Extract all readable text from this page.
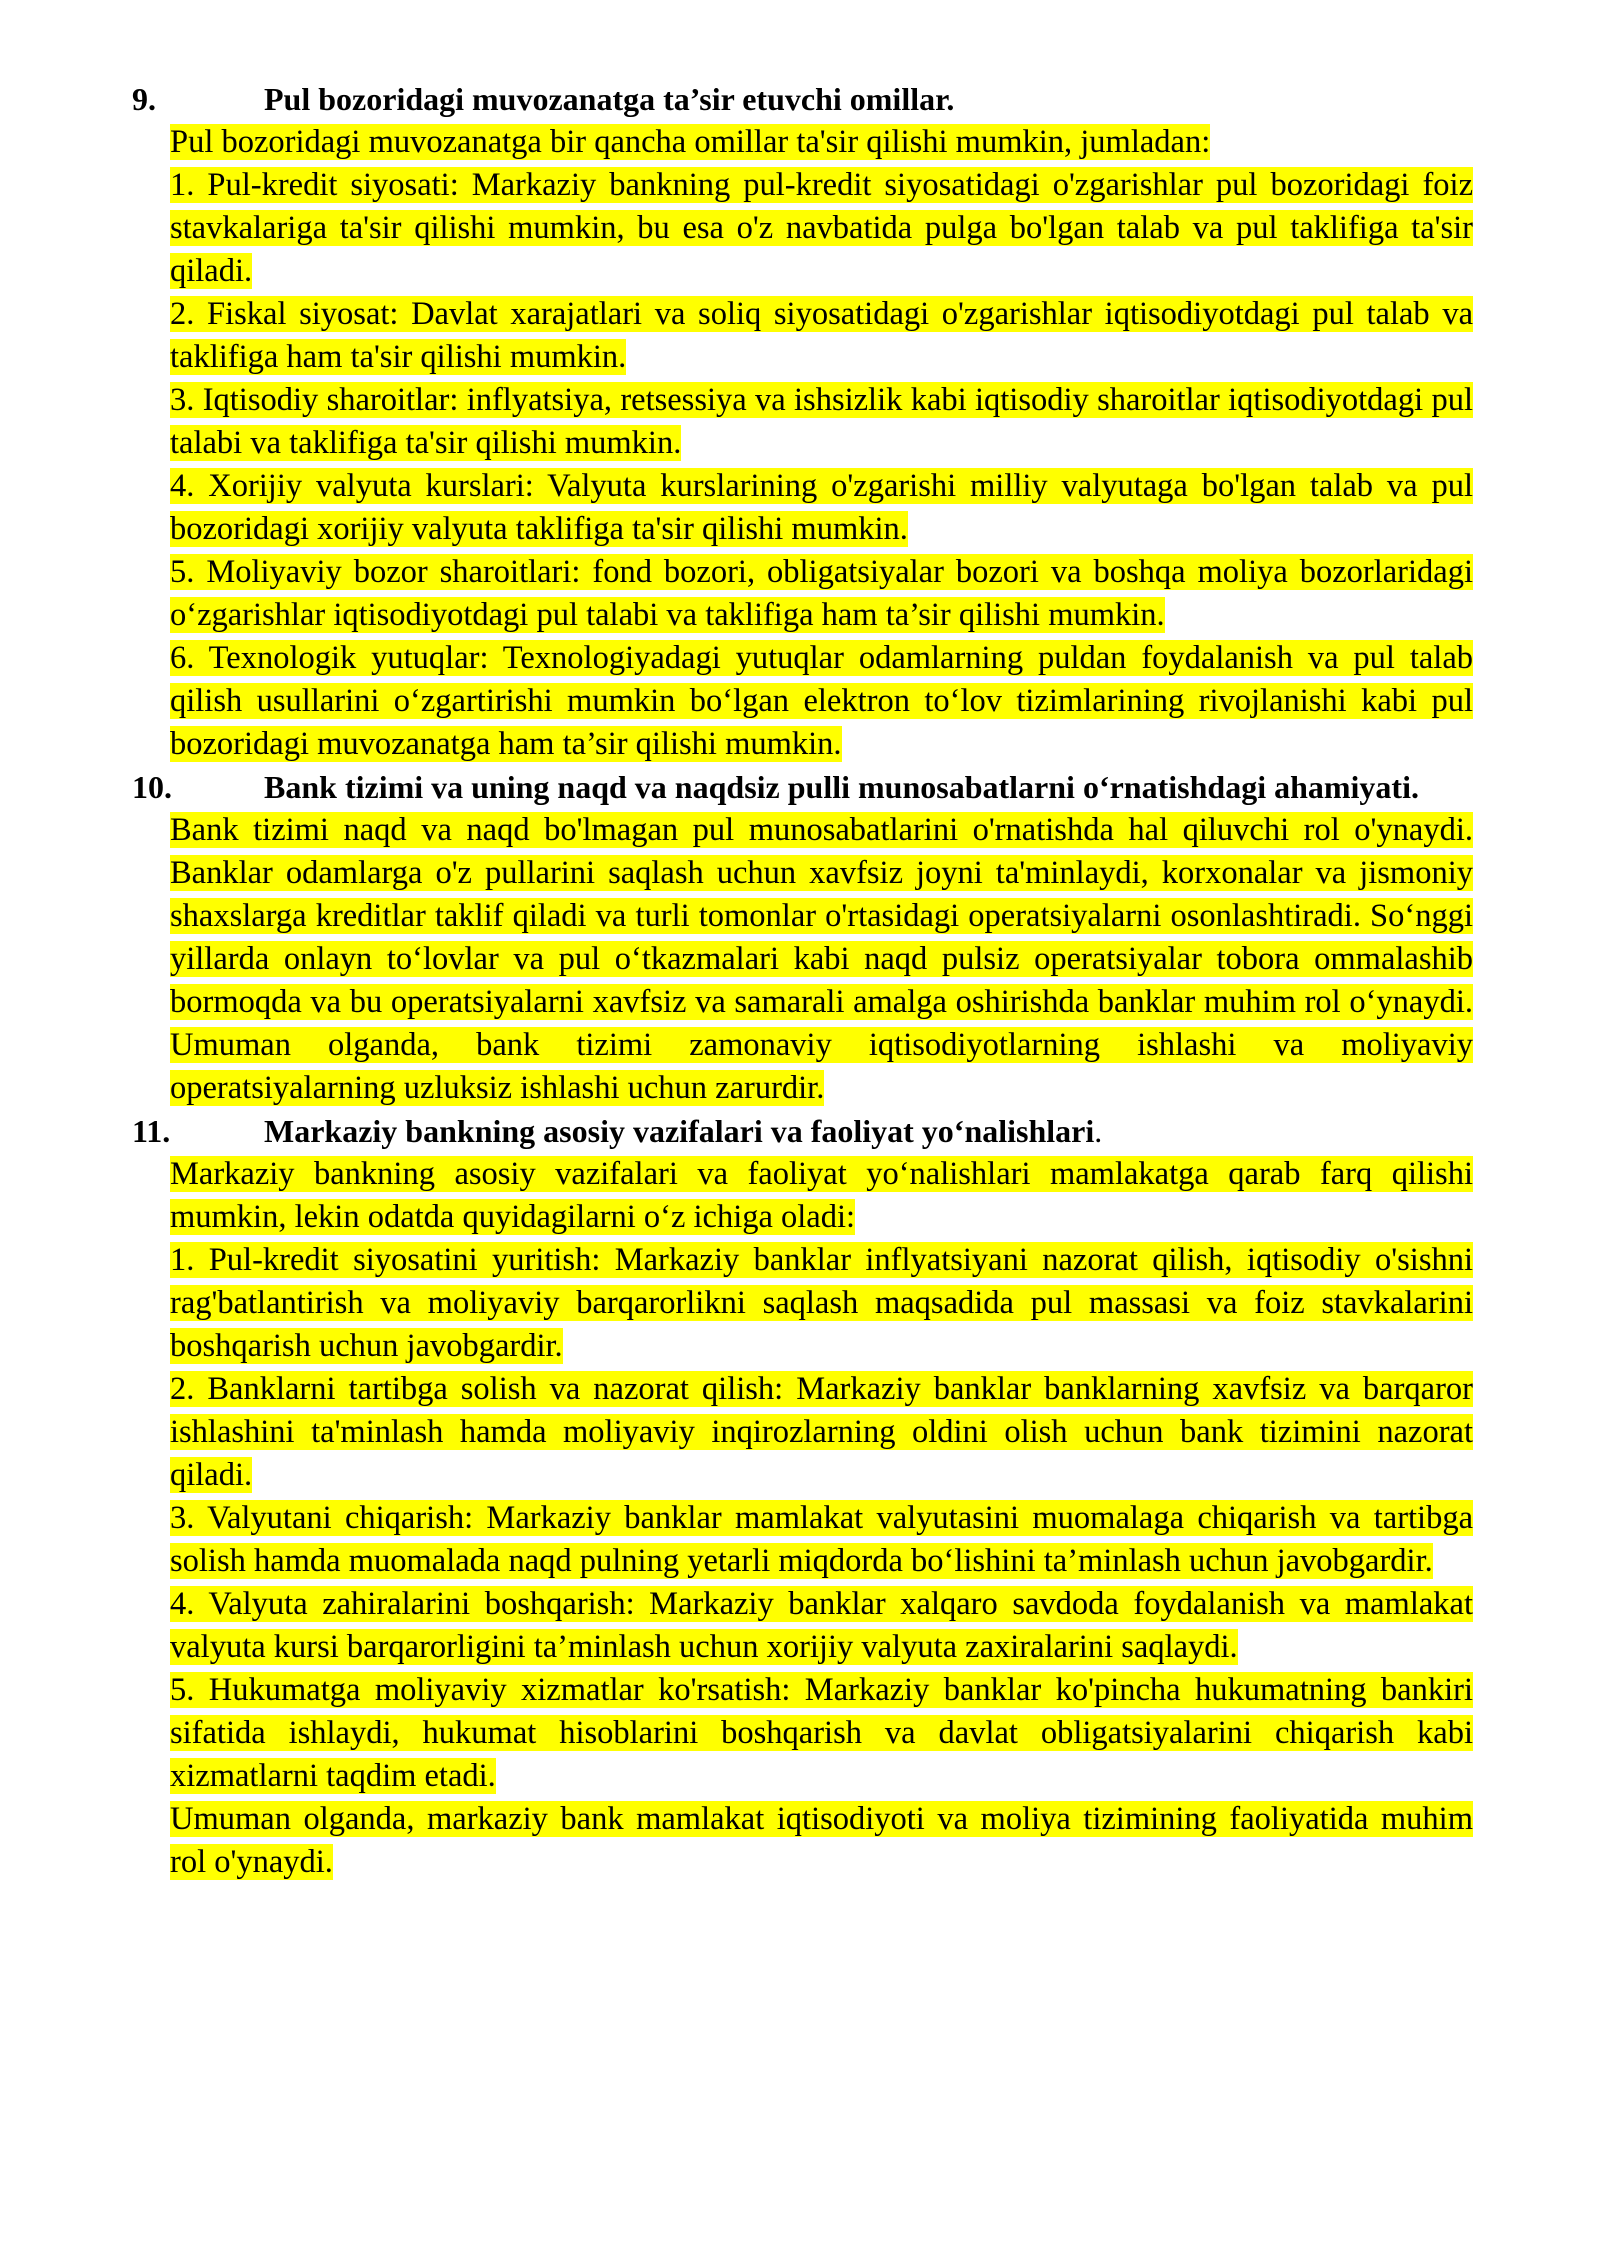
9.	Pul bozoridagi muvozanatga ta’sir etuvchi omillar.

Pul bozoridagi muvozanatga bir qancha omillar ta'sir qilishi mumkin, jumladan:

1. Pul-kredit siyosati: Markaziy bankning pul-kredit siyosatidagi o'zgarishlar pul bozoridagi foiz stavkalariga ta'sir qilishi mumkin, bu esa o'z navbatida pulga bo'lgan talab va pul taklifiga ta'sir qiladi.

2. Fiskal siyosat: Davlat xarajatlari va soliq siyosatidagi o'zgarishlar iqtisodiyotdagi pul talab va taklifiga ham ta'sir qilishi mumkin.

3. Iqtisodiy sharoitlar: inflyatsiya, retsessiya va ishsizlik kabi iqtisodiy sharoitlar iqtisodiyotdagi pul talabi va taklifiga ta'sir qilishi mumkin.

4. Xorijiy valyuta kurslari: Valyuta kurslarining o'zgarishi milliy valyutaga bo'lgan talab va pul bozoridagi xorijiy valyuta taklifiga ta'sir qilishi mumkin.

5. Moliyaviy bozor sharoitlari: fond bozori, obligatsiyalar bozori va boshqa moliya bozorlaridagi o‘zgarishlar iqtisodiyotdagi pul talabi va taklifiga ham ta’sir qilishi mumkin.

6. Texnologik yutuqlar: Texnologiyadagi yutuqlar odamlarning puldan foydalanish va pul talab qilish usullarini o‘zgartirishi mumkin bo‘lgan elektron to‘lov tizimlarining rivojlanishi kabi pul bozoridagi muvozanatga ham ta’sir qilishi mumkin.

10.	Bank tizimi va uning naqd va naqdsiz pulli munosabatlarni o‘rnatishdagi ahamiyati.

Bank tizimi naqd va naqd bo'lmagan pul munosabatlarini o'rnatishda hal qiluvchi rol o'ynaydi. Banklar odamlarga o'z pullarini saqlash uchun xavfsiz joyni ta'minlaydi, korxonalar va jismoniy shaxslarga kreditlar taklif qiladi va turli tomonlar o'rtasidagi operatsiyalarni osonlashtiradi. So‘nggi yillarda onlayn to‘lovlar va pul o‘tkazmalari kabi naqd pulsiz operatsiyalar tobora ommalashib bormoqda va bu operatsiyalarni xavfsiz va samarali amalga oshirishda banklar muhim rol o‘ynaydi. Umuman olganda, bank tizimi zamonaviy iqtisodiyotlarning ishlashi va moliyaviy operatsiyalarning uzluksiz ishlashi uchun zarurdir.

11.	Markaziy bankning asosiy vazifalari va faoliyat yo‘nalishlari.

Markaziy bankning asosiy vazifalari va faoliyat yo‘nalishlari mamlakatga qarab farq qilishi mumkin, lekin odatda quyidagilarni o‘z ichiga oladi:

1. Pul-kredit siyosatini yuritish: Markaziy banklar inflyatsiyani nazorat qilish, iqtisodiy o'sishni rag'batlantirish va moliyaviy barqarorlikni saqlash maqsadida pul massasi va foiz stavkalarini boshqarish uchun javobgardir.

2. Banklarni tartibga solish va nazorat qilish: Markaziy banklar banklarning xavfsiz va barqaror ishlashini ta'minlash hamda moliyaviy inqirozlarning oldini olish uchun bank tizimini nazorat qiladi.

3. Valyutani chiqarish: Markaziy banklar mamlakat valyutasini muomalaga chiqarish va tartibga solish hamda muomalada naqd pulning yetarli miqdorda bo‘lishini ta’minlash uchun javobgardir.

4. Valyuta zahiralarini boshqarish: Markaziy banklar xalqaro savdoda foydalanish va mamlakat valyuta kursi barqarorligini ta’minlash uchun xorijiy valyuta zaxiralarini saqlaydi.

5. Hukumatga moliyaviy xizmatlar ko'rsatish: Markaziy banklar ko'pincha hukumatning bankiri sifatida ishlaydi, hukumat hisoblarini boshqarish va davlat obligatsiyalarini chiqarish kabi xizmatlarni taqdim etadi.

Umuman olganda, markaziy bank mamlakat iqtisodiyoti va moliya tizimining faoliyatida muhim rol o'ynaydi.
